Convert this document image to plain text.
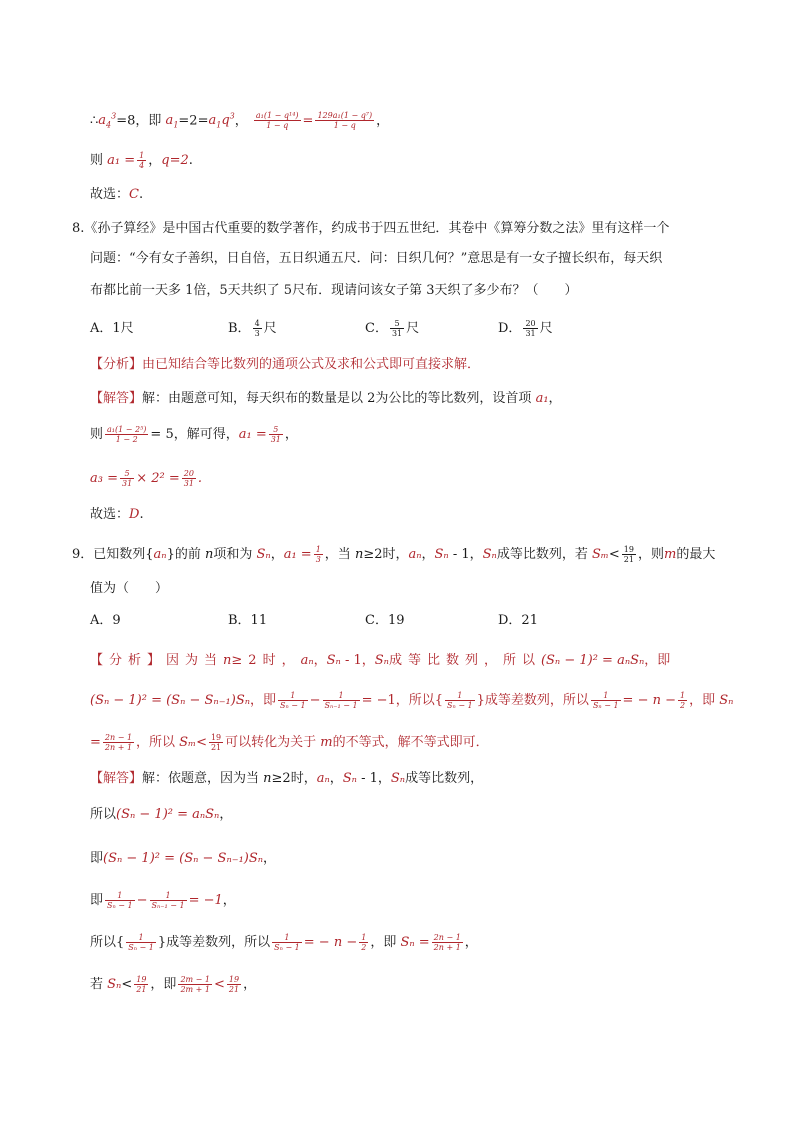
$\therefore a_4^3=8$，即 $a_1=2=a_1q^3$， $\frac{\text{a₁(1 − q¹⁴)}}{1 - q} = \frac{\text{129a₁(1 − q⁷)}}{1 - q}$ ，
则 $a_1 = \frac{1}{4}$ ，q=2.
故选：C.
8.《孙子算经》是中国古代重要的数学著作，约成书于四五世纪．其卷中《算筹分数之法》里有这样一个
问题：“今有女子善织，日自倍，五日织通五尺．问：日织几何？”意思是有一女子擅长织布，每天织
布都比前一天多 1倍，5天共织了 5尺布．现请问该女子第 3天织了多少布？（　　）
A．1尺	B． $\frac{4}{3}$ 尺	C． $\frac{5}{31}$ 尺	D． $\frac{20}{31}$ 尺
【分析】由已知结合等比数列的通项公式及求和公式即可直接求解．
【解答】解：由题意可知，每天织布的数量是以 2为公比的等比数列，设首项 a₁，
则 $\frac{\text{a₁(1 − 2⁵)}}{1 - 2} = 5$，解可得，$a_1 = \frac{5}{31}$ ，
$a_3 = \frac{5}{31} \times 2^2 = \frac{20}{31}$ .
故选：D.
9．已知数列{aₙ}的前 n项和为 Sₙ，$a_1 = \frac{1}{3}$ ，当 n≥2时，aₙ，Sₙ - 1，Sₙ成等比数列，若 $S_m< \frac{19}{21}$ ，则m的最大
值为（　　）
A．9	B．11	C．19	D．21
【分析】因为当n≥2时，aₙ，Sₙ - 1，Sₙ成等比数列，所以(Sₙ − 1)² = aₙSₙ，即
(Sₙ − 1)² = (Sₙ − Sₙ₋₁)Sₙ，即 $\frac{1}{\text{Sₙ − 1}} - \frac{1}{\text{Sₙ₋₁ − 1}} = -1$，所以{ $\frac{1}{\text{Sₙ − 1}}$ }成等差数列，所以 $\frac{1}{\text{Sₙ − 1}}$ = − $n - \frac{1}{2}$ ，即 Sₙ
= $\frac{2n - 1}{2n + 1}$ ，所以 $S_m< \frac{19}{21}$ 可以转化为关于 m的不等式，解不等式即可．
【解答】解：依题意，因为当 n≥2时，aₙ，Sₙ - 1，Sₙ成等比数列，
所以(Sₙ − 1)² = aₙSₙ，
即(Sₙ − 1)² = (Sₙ − Sₙ₋₁)Sₙ，
即 $\frac{1}{\text{Sₙ − 1}} - \frac{1}{\text{Sₙ₋₁ − 1}} = -1$，
所以{ $\frac{1}{\text{Sₙ − 1}}$ }成等差数列，所以 $\frac{1}{\text{Sₙ − 1}}$ = − $n - \frac{1}{2}$ ，即 $S_n = \frac{2n - 1}{2n + 1}$ ，
若 $S_n< \frac{19}{21}$ ，即 $\frac{2m - 1}{2m + 1} < \frac{19}{21}$ ，
